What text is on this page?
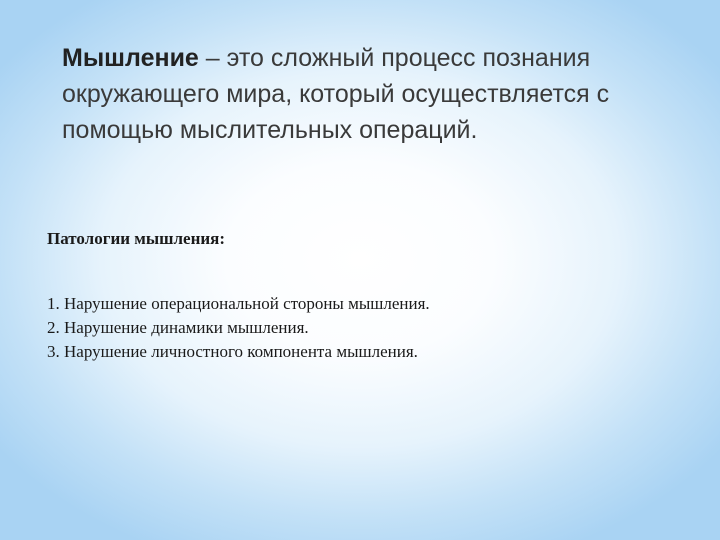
Мышление – это сложный процесс познания окружающего мира, который осуществляется с помощью мыслительных операций.

Патологии мышления:

1. Нарушение операциональной стороны мышления.
2. Нарушение динамики мышления.
3. Нарушение личностного компонента мышления.
